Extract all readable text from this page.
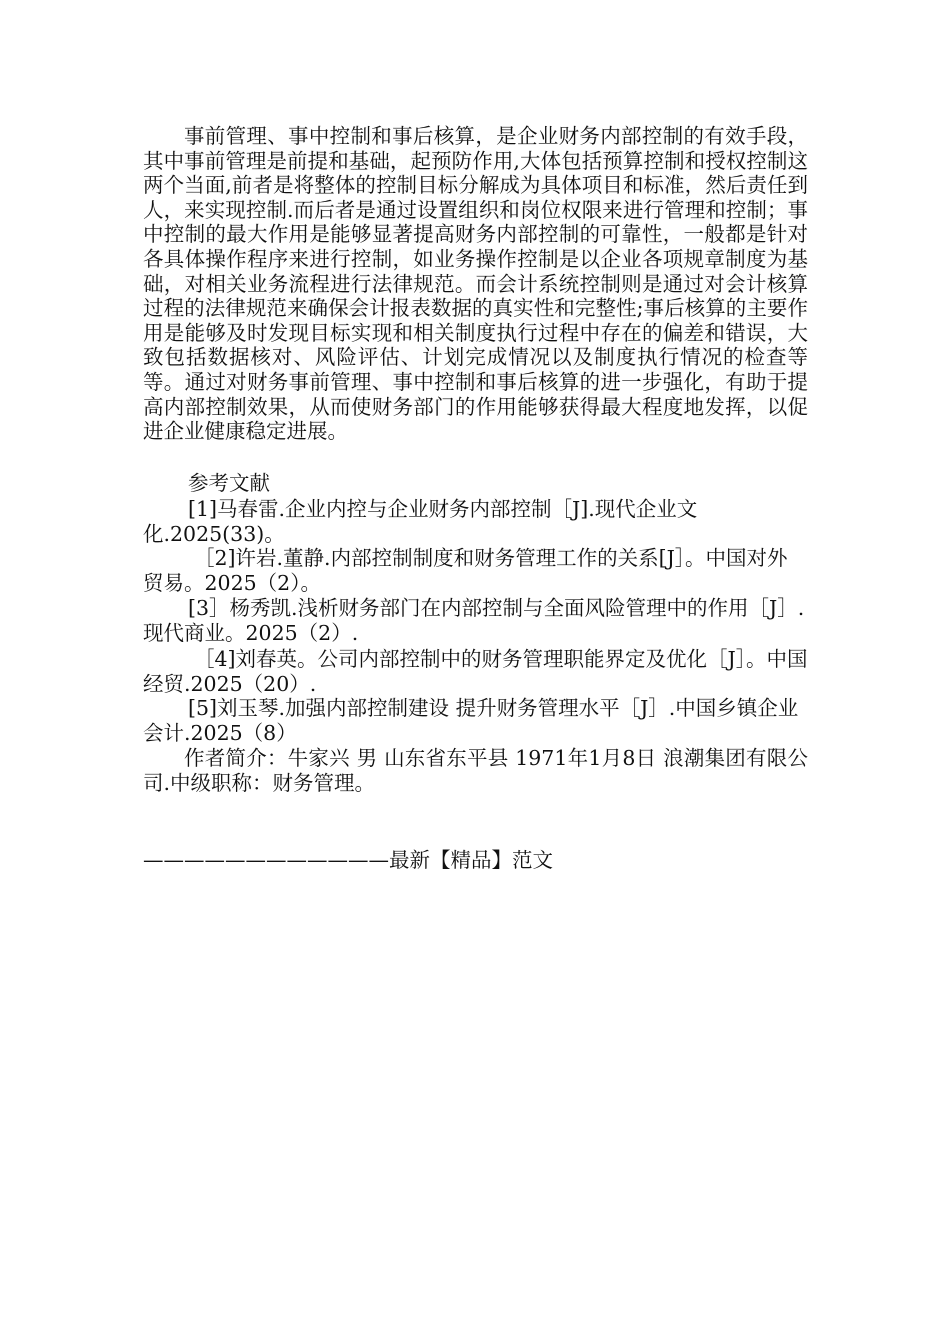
事前管理、事中控制和事后核算，是企业财务内部控制的有效手段，其中事前管理是前提和基础，起预防作用,大体包括预算控制和授权控制这两个当面,前者是将整体的控制目标分解成为具体项目和标准，然后责任到人，来实现控制.而后者是通过设置组织和岗位权限来进行管理和控制；事中控制的最大作用是能够显著提高财务内部控制的可靠性，一般都是针对各具体操作程序来进行控制，如业务操作控制是以企业各项规章制度为基础，对相关业务流程进行法律规范。而会计系统控制则是通过对会计核算过程的法律规范来确保会计报表数据的真实性和完整性;事后核算的主要作用是能够及时发现目标实现和相关制度执行过程中存在的偏差和错误，大致包括数据核对、风险评估、计划完成情况以及制度执行情况的检查等等。通过对财务事前管理、事中控制和事后核算的进一步强化，有助于提高内部控制效果，从而使财务部门的作用能够获得最大程度地发挥，以促进企业健康稳定进展。

参考文献

[1]马春雷.企业内控与企业财务内部控制［J].现代企业文化.2025(33)。

［2]许岩.董静.内部控制制度和财务管理工作的关系[J］。中国对外贸易。2025（2）。

[3］杨秀凯.浅析财务部门在内部控制与全面风险管理中的作用［J］.现代商业。2025（2）.

［4]刘春英。公司内部控制中的财务管理职能界定及优化［J］。中国经贸.2025（20）.

[5]刘玉琴.加强内部控制建设 提升财务管理水平［J］.中国乡镇企业会计.2025（8）

作者简介：牛家兴 男 山东省东平县 1971年1月8日 浪潮集团有限公司.中级职称：财务管理。

————————————最新【精品】范文
